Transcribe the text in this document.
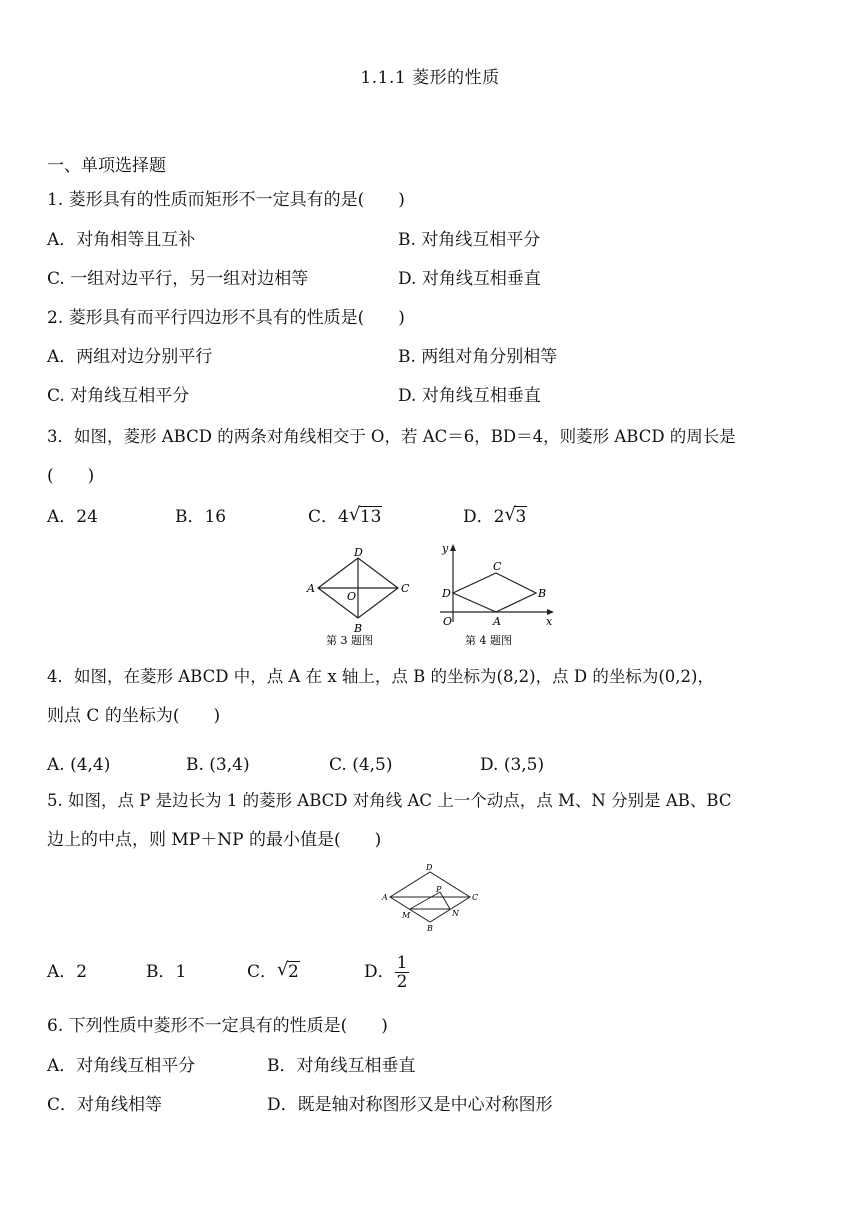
1.1.1 菱形的性质
一、单项选择题
1. 菱形具有的性质而矩形不一定具有的是(　　)
A．对角相等且互补	B. 对角线互相平分
C. 一组对边平行，另一组对边相等	D. 对角线互相垂直
2. 菱形具有而平行四边形不具有的性质是(　　)
A．两组对边分别平行	B. 两组对角分别相等
C. 对角线互相平分	D. 对角线互相垂直
3．如图，菱形 ABCD 的两条对角线相交于 O，若 AC＝6，BD＝4，则菱形 ABCD 的周长是
(　　)
A．24	B．16	C．4 √ 13	D．2 √ 3
D
A
O
C
B
第 3 题图
y
C
D	B
O	A	x
第 4 题图
4．如图，在菱形 ABCD 中，点 A 在 x 轴上，点 B 的坐标为(8,2)，点 D 的坐标为(0,2)，
则点 C 的坐标为(　　)
A. (4,4)	B. (3,4)	C. (4,5)	D. (3,5)
5. 如图，点 P 是边长为 1 的菱形 ABCD 对角线 AC 上一个动点，点 M、N 分别是 AB、BC
边上的中点，则 MP＋NP 的最小值是(　　)
D
P
A	C
M	N
B
A．2	B．1	C． √ 2	D． $\frac{1}{2}$
6. 下列性质中菱形不一定具有的性质是(　　)
A．对角线互相平分	B．对角线互相垂直
C．对角线相等	D．既是轴对称图形又是中心对称图形
